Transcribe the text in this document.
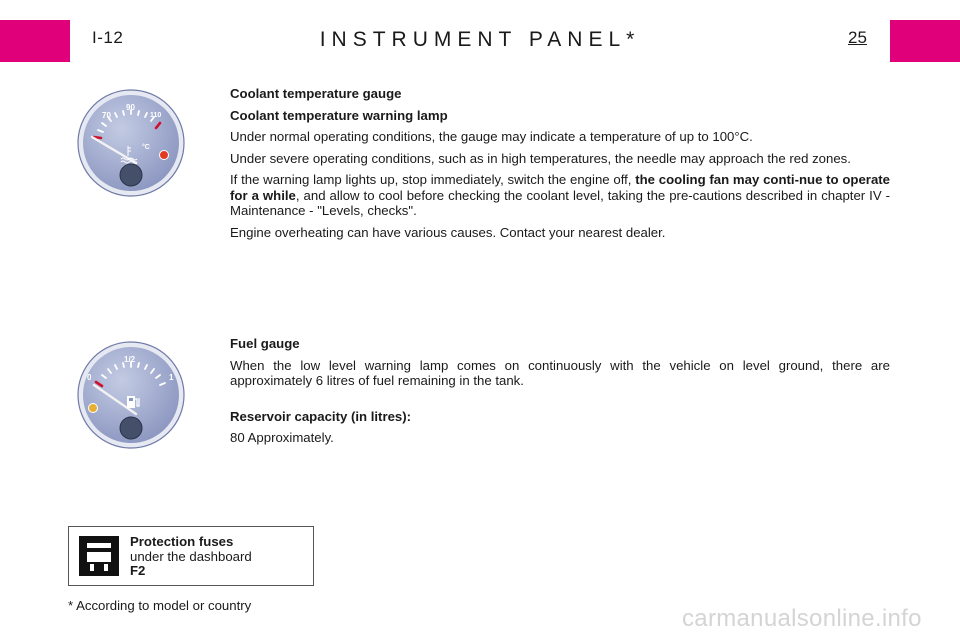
I-12	INSTRUMENT PANEL*	25
70
90
110
°C

Coolant temperature gauge

Coolant temperature warning lamp

Under normal operating conditions, the gauge may indicate a temperature of up to 100°C.

Under severe operating conditions, such as in high temperatures, the needle may approach the red zones.

If the warning lamp lights up, stop immediately, switch the engine off, the cooling fan may conti-nue to operate for a while, and allow to cool before checking the coolant level, taking the pre-cautions described in chapter IV - Maintenance - "Levels, checks".

Engine overheating can have various causes. Contact your nearest dealer.

0
1/2
1

Fuel gauge

When the low level warning lamp comes on continuously with the vehicle on level ground, there are approximately 6 litres of fuel remaining in the tank.

Reservoir capacity (in litres):

80 Approximately.

Protection fuses
under the dashboard
F2
* According to model or country	carmanualsonline.info
